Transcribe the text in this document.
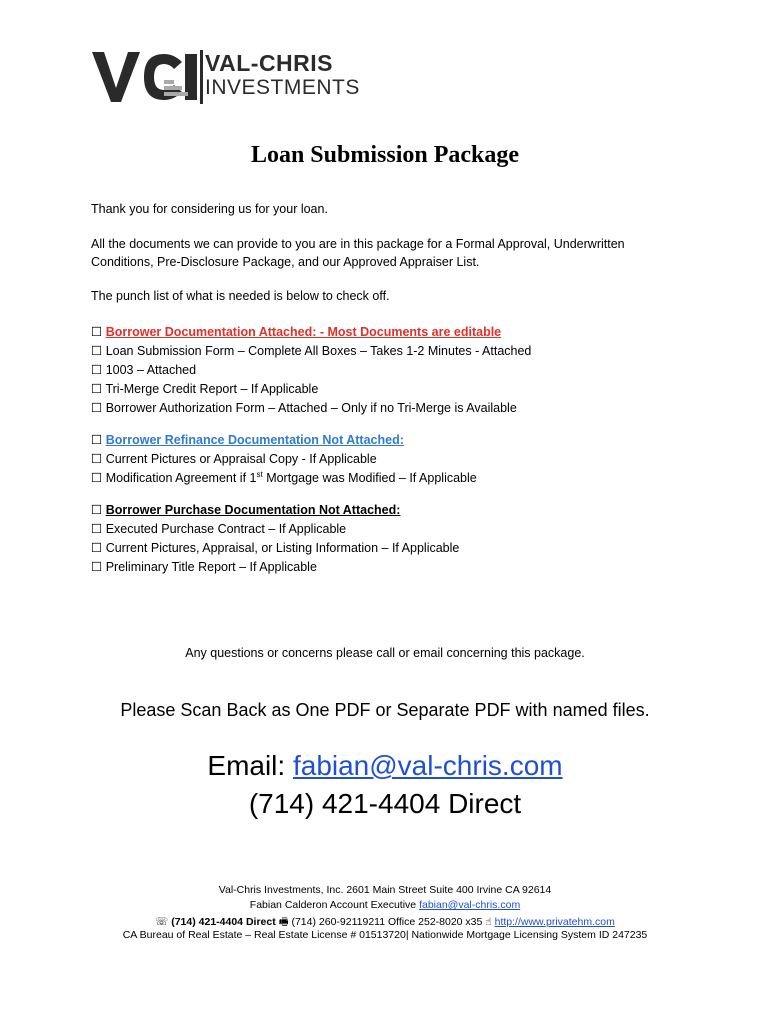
VAL-CHRIS
INVESTMENTS
Loan Submission Package
Thank you for considering us for your loan.
All the documents we can provide to you are in this package for a Formal Approval, Underwritten Conditions, Pre-Disclosure Package, and our Approved Appraiser List.
The punch list of what is needed is below to check off.
☐ Borrower Documentation Attached: - Most Documents are editable
☐ Loan Submission Form – Complete All Boxes – Takes 1-2 Minutes - Attached
☐ 1003 – Attached
☐ Tri-Merge Credit Report – If Applicable
☐ Borrower Authorization Form – Attached – Only if no Tri-Merge is Available
☐ Borrower Refinance Documentation Not Attached:
☐ Current Pictures or Appraisal Copy - If Applicable
☐ Modification Agreement if 1st Mortgage was Modified – If Applicable
☐ Borrower Purchase Documentation Not Attached:
☐ Executed Purchase Contract – If Applicable
☐ Current Pictures, Appraisal, or Listing Information – If Applicable
☐ Preliminary Title Report – If Applicable
Any questions or concerns please call or email concerning this package.
Please Scan Back as One PDF or Separate PDF with named files.
Email: fabian@val-chris.com
(714) 421-4404 Direct
Val-Chris Investments, Inc. 2601 Main Street Suite 400 Irvine CA 92614
Fabian Calderon Account Executive fabian@val-chris.com
☏ (714) 421-4404 Direct 🖷 (714) 260-92119211 Office 252-8020 x35 ☝ http://www.privatehm.com
CA Bureau of Real Estate – Real Estate License # 01513720| Nationwide Mortgage Licensing System ID 247235
